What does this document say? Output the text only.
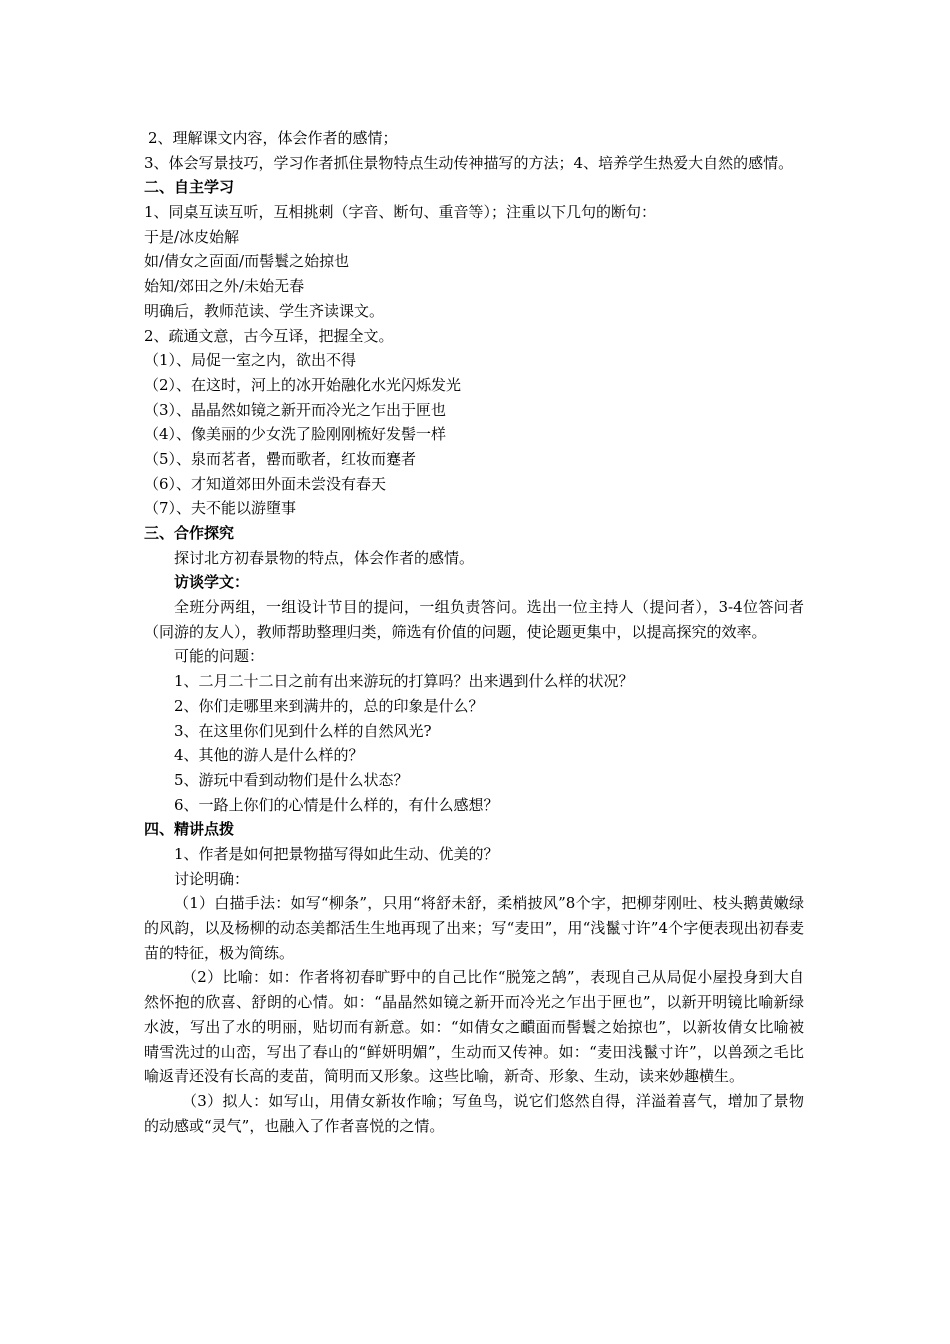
2、理解课文内容，体会作者的感情；
3、体会写景技巧，学习作者抓住景物特点生动传神描写的方法；4、培养学生热爱大自然的感情。
二、自主学习
1、同桌互读互听，互相挑刺（字音、断句、重音等）；注重以下几句的断句：
于是/冰皮始解
如/倩女之靣面/而髻鬟之始掠也
始知/郊田之外/未始无春
明确后，教师范读、学生齐读课文。
2、疏通文意，古今互译，把握全文。
（1）、局促一室之内，欲出不得
（2）、在这时，河上的冰开始融化水光闪烁发光
（3）、晶晶然如镜之新开而冷光之乍出于匣也
（4）、像美丽的少女洗了脸刚刚梳好发髻一样
（5）、泉而茗者，罍而歌者，红妆而蹇者
（6）、才知道郊田外面未尝没有春天
（7）、夫不能以游墮事
三、合作探究
探讨北方初春景物的特点，体会作者的感情。
访谈学文：
全班分两组，一组设计节目的提问，一组负责答问。选出一位主持人（提问者），3-4位答问者（同游的友人），教师帮助整理归类，筛选有价值的问题，使论题更集中，以提高探究的效率。
可能的问题：
1、二月二十二日之前有出来游玩的打算吗？出来遇到什么样的状况？
2、你们走哪里来到满井的，总的印象是什么？
3、在这里你们见到什么样的自然风光?
4、其他的游人是什么样的？
5、游玩中看到动物们是什么状态？
6、一路上你们的心情是什么样的，有什么感想？
四、精讲点拨
1、作者是如何把景物描写得如此生动、优美的？
讨论明确：
（1）白描手法：如写“柳条”，只用“将舒未舒，柔梢披风”8个字，把柳芽刚吐、枝头鹅黄嫩绿的风韵，以及杨柳的动态美都活生生地再现了出来；写“麦田”，用“浅鬣寸许”4个字便表现出初春麦苗的特征，极为简练。
（2）比喻：如：作者将初春旷野中的自己比作“脱笼之鹄”，表现自己从局促小屋投身到大自然怀抱的欣喜、舒朗的心情。如：“晶晶然如镜之新开而冷光之乍出于匣也”，以新开明镜比喻新绿水波，写出了水的明丽，贴切而有新意。如：“如倩女之靧面而髻鬟之始掠也”，以新妆倩女比喻被晴雪洗过的山峦，写出了春山的“鲜妍明媚”，生动而又传神。如：“麦田浅鬣寸许”，以兽颈之毛比喻返青还没有长高的麦苗，简明而又形象。这些比喻，新奇、形象、生动，读来妙趣横生。
（3）拟人：如写山，用倩女新妆作喻；写鱼鸟，说它们悠然自得，洋溢着喜气，增加了景物的动感或“灵气”，也融入了作者喜悦的之情。
